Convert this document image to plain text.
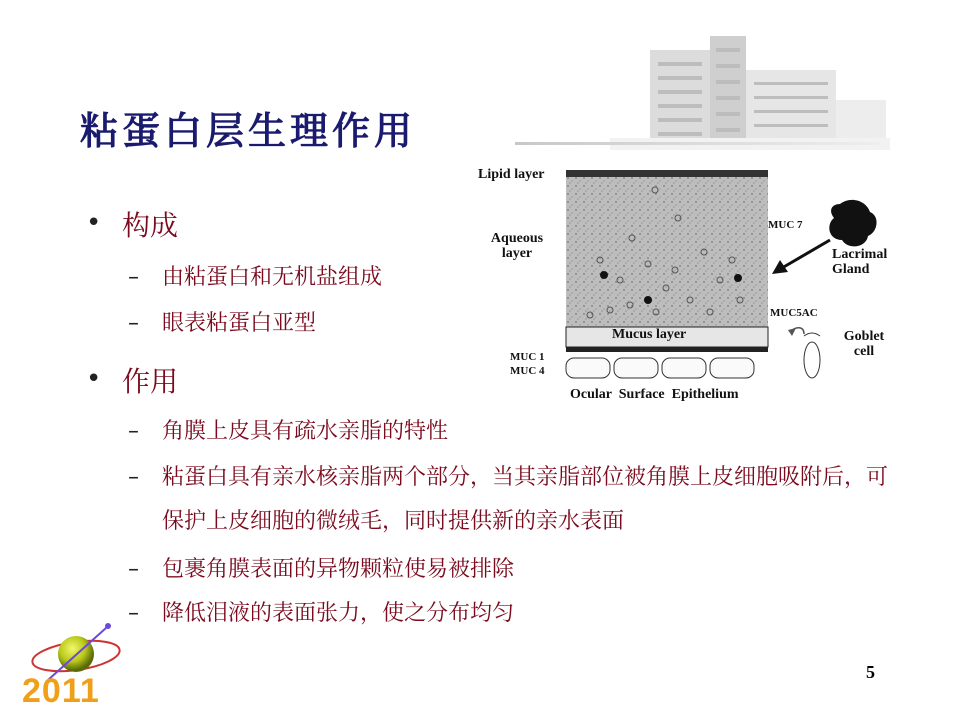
粘蛋白层生理作用
• 构成
– 由粘蛋白和无机盐组成
– 眼表粘蛋白亚型
• 作用
– 角膜上皮具有疏水亲脂的特性
– 粘蛋白具有亲水核亲脂两个部分，当其亲脂部位被角膜上皮细胞吸附后，可保护上皮细胞的微绒毛，同时提供新的亲水表面
– 包裹角膜表面的异物颗粒使易被排除
– 降低泪液的表面张力，使之分布均匀
Lipid layer
Aqueous layer
Mucus layer
MUC 7
Lacrimal Gland
MUC5AC
Goblet cell
MUC 1
MUC 4
Ocular  Surface  Epithelium
2011	5
